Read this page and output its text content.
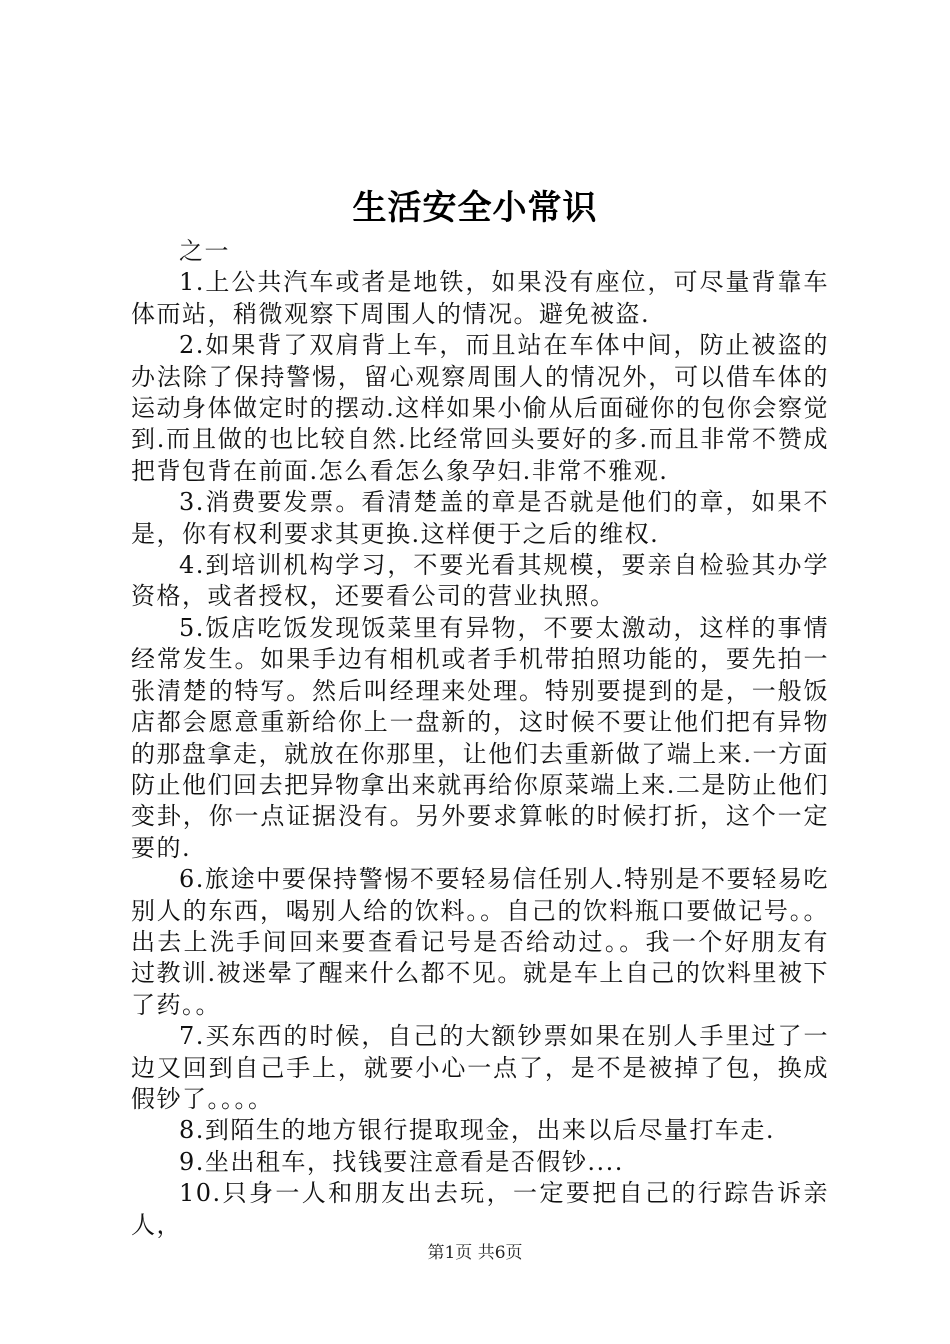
生活安全小常识

之一

1.上公共汽车或者是地铁，如果没有座位，可尽量背靠车体而站，稍微观察下周围人的情况。避免被盗.

2.如果背了双肩背上车，而且站在车体中间，防止被盗的办法除了保持警惕，留心观察周围人的情况外，可以借车体的运动身体做定时的摆动.这样如果小偷从后面碰你的包你会察觉到.而且做的也比较自然.比经常回头要好的多.而且非常不赞成把背包背在前面.怎么看怎么象孕妇.非常不雅观.

3.消费要发票。看清楚盖的章是否就是他们的章，如果不是，你有权利要求其更换.这样便于之后的维权.

4.到培训机构学习，不要光看其规模，要亲自检验其办学资格，或者授权，还要看公司的营业执照。

5.饭店吃饭发现饭菜里有异物，不要太激动，这样的事情经常发生。如果手边有相机或者手机带拍照功能的，要先拍一张清楚的特写。然后叫经理来处理。特别要提到的是，一般饭店都会愿意重新给你上一盘新的，这时候不要让他们把有异物的那盘拿走，就放在你那里，让他们去重新做了端上来.一方面防止他们回去把异物拿出来就再给你原菜端上来.二是防止他们变卦，你一点证据没有。另外要求算帐的时候打折，这个一定要的.

6.旅途中要保持警惕不要轻易信任别人.特别是不要轻易吃别人的东西，喝别人给的饮料。。自己的饮料瓶口要做记号。。出去上洗手间回来要查看记号是否给动过。。我一个好朋友有过教训.被迷晕了醒来什么都不见。就是车上自己的饮料里被下了药。。

7.买东西的时候，自己的大额钞票如果在别人手里过了一边又回到自己手上，就要小心一点了，是不是被掉了包，换成假钞了。。。。

8.到陌生的地方银行提取现金，出来以后尽量打车走.

9.坐出租车，找钱要注意看是否假钞....

10.只身一人和朋友出去玩，一定要把自己的行踪告诉亲人，

第1页 共6页
